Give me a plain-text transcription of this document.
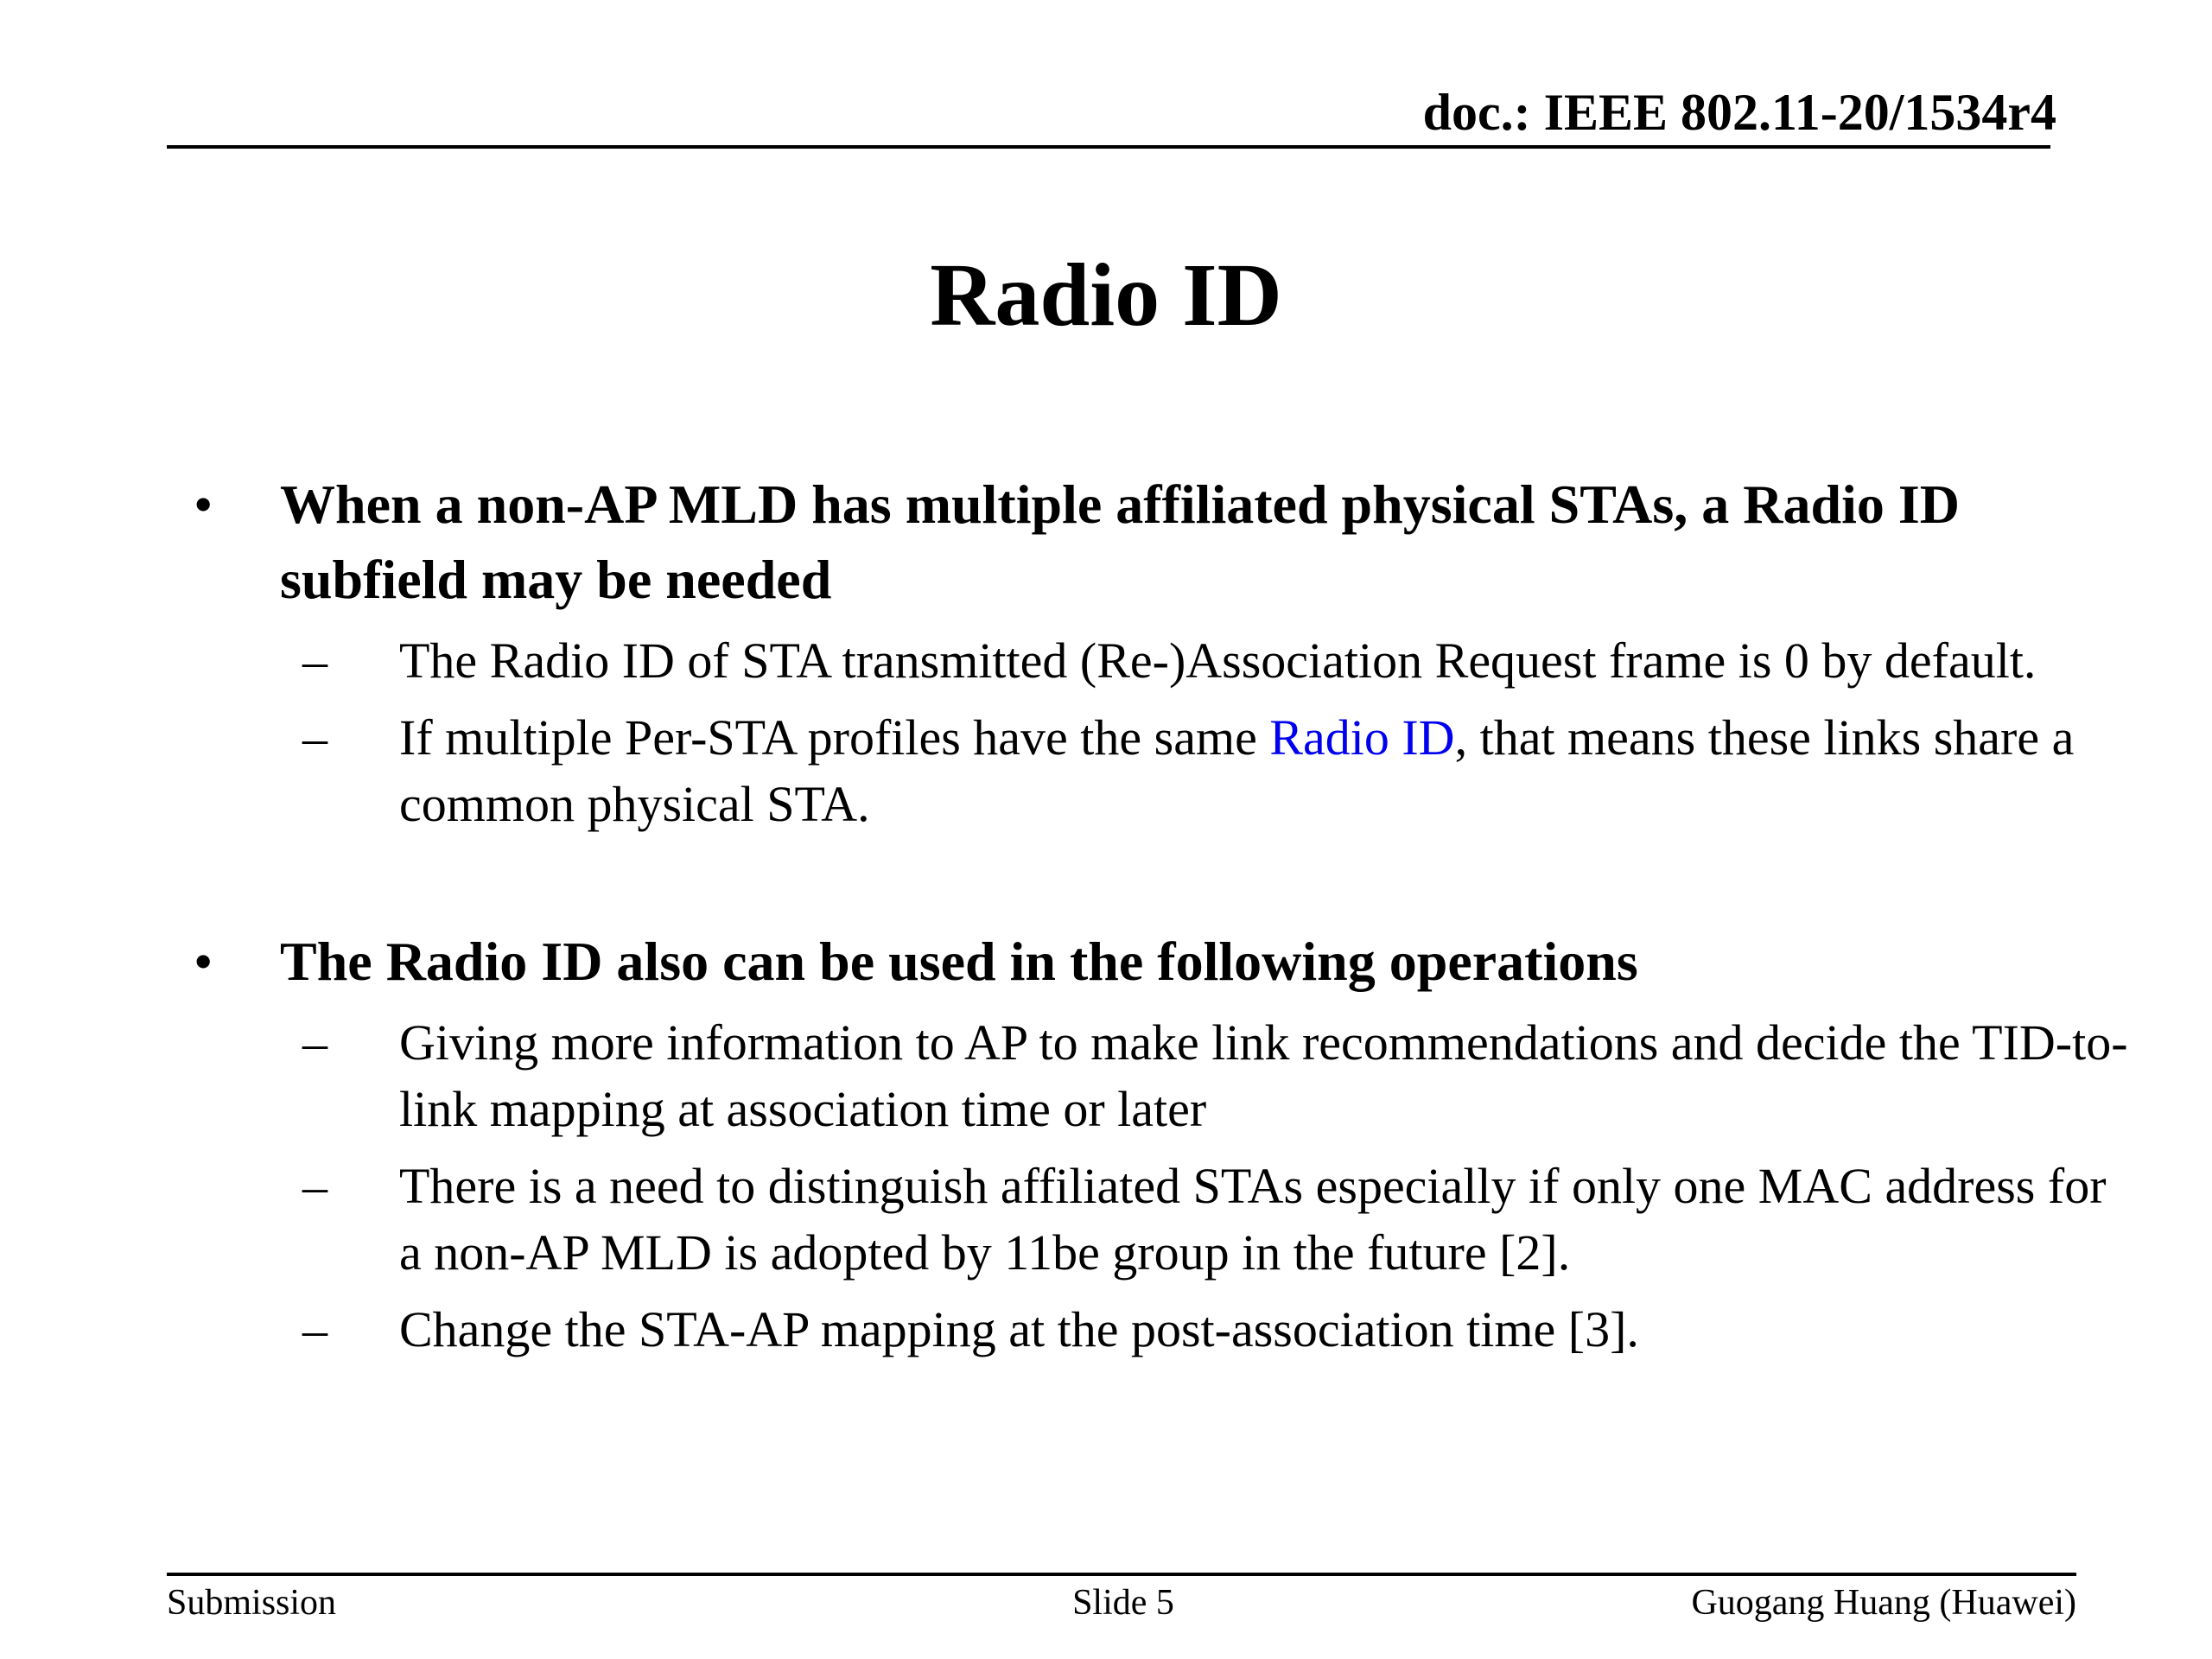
doc.: IEEE 802.11-20/1534r4
Radio ID
•	When a non-AP MLD has multiple affiliated physical STAs, a Radio ID subfield may be needed
–	The Radio ID of STA transmitted (Re-)Association Request frame is 0 by default.
–	If multiple Per-STA profiles have the same Radio ID, that means these links share a common physical STA.
•	The Radio ID also can be used in the following operations
–	Giving more information to AP to make link recommendations and decide the TID-to-link mapping at association time or later
–	There is a need to distinguish affiliated STAs especially if only one MAC address for a non-AP MLD is adopted by 11be group in the future [2].
–	Change the STA-AP mapping at the post-association time [3].
Submission	Slide 5	Guogang Huang (Huawei)
